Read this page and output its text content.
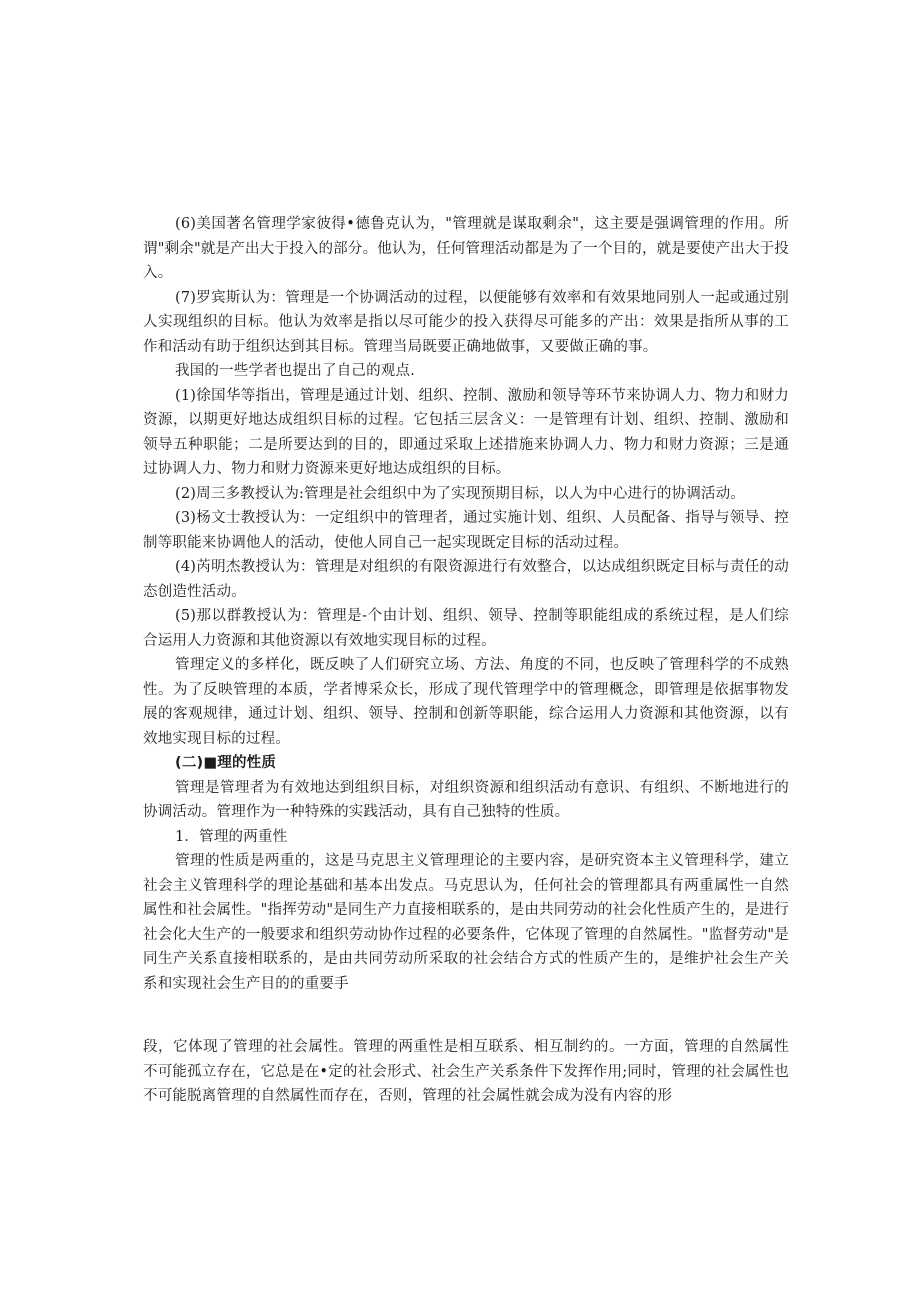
(6)美国著名管理学家彼得•德鲁克认为，"管理就是谋取剩余"，这主要是强调管理的作用。所谓"剩余"就是产出大于投入的部分。他认为，任何管理活动都是为了一个目的，就是要使产出大于投入。

(7)罗宾斯认为：管理是一个协调活动的过程，以便能够有效率和有效果地同别人一起或通过别人实现组织的目标。他认为效率是指以尽可能少的投入获得尽可能多的产出：效果是指所从事的工作和活动有助于组织达到其目标。管理当局既要正确地做事，又要做正确的事。

我国的一些学者也提出了自己的观点.

(1)徐国华等指出，管理是通过计划、组织、控制、激励和领导等环节来协调人力、物力和财力资源，以期更好地达成组织目标的过程。它包括三层含义：一是管理有计划、组织、控制、激励和领导五种职能；二是所要达到的目的，即通过采取上述措施来协调人力、物力和财力资源；三是通过协调人力、物力和财力资源来更好地达成组织的目标。

(2)周三多教授认为:管理是社会组织中为了实现预期目标，以人为中心进行的协调活动。

(3)杨文士教授认为：一定组织中的管理者，通过实施计划、组织、人员配备、指导与领导、控制等职能来协调他人的活动，使他人同自己一起实现既定目标的活动过程。

(4)芮明杰教授认为：管理是对组织的有限资源进行有效整合，以达成组织既定目标与责任的动态创造性活动。

(5)那以群教授认为：管理是-个由计划、组织、领导、控制等职能组成的系统过程，是人们综合运用人力资源和其他资源以有效地实现目标的过程。

管理定义的多样化，既反映了人们研究立场、方法、角度的不同，也反映了管理科学的不成熟性。为了反映管理的本质，学者博采众长，形成了现代管理学中的管理概念，即管理是依据事物发展的客观规律，通过计划、组织、领导、控制和创新等职能，综合运用人力资源和其他资源，以有效地实现目标的过程。

(二)■理的性质

管理是管理者为有效地达到组织目标，对组织资源和组织活动有意识、有组织、不断地进行的协调活动。管理作为一种特殊的实践活动，具有自己独特的性质。

1．管理的两重性

管理的性质是两重的，这是马克思主义管理理论的主要内容，是研究资本主义管理科学，建立社会主义管理科学的理论基础和基本出发点。马克思认为，任何社会的管理都具有两重属性一自然属性和社会属性。"指挥劳动"是同生产力直接相联系的，是由共同劳动的社会化性质产生的，是进行社会化大生产的一般要求和组织劳动协作过程的必要条件，它体现了管理的自然属性。"监督劳动"是同生产关系直接相联系的，是由共同劳动所采取的社会结合方式的性质产生的，是维护社会生产关系和实现社会生产目的的重要手

段，它体现了管理的社会属性。管理的两重性是相互联系、相互制约的。一方面，管理的自然属性不可能孤立存在，它总是在•定的社会形式、社会生产关系条件下发挥作用;同时，管理的社会属性也不可能脱离管理的自然属性而存在，否则，管理的社会属性就会成为没有内容的形
